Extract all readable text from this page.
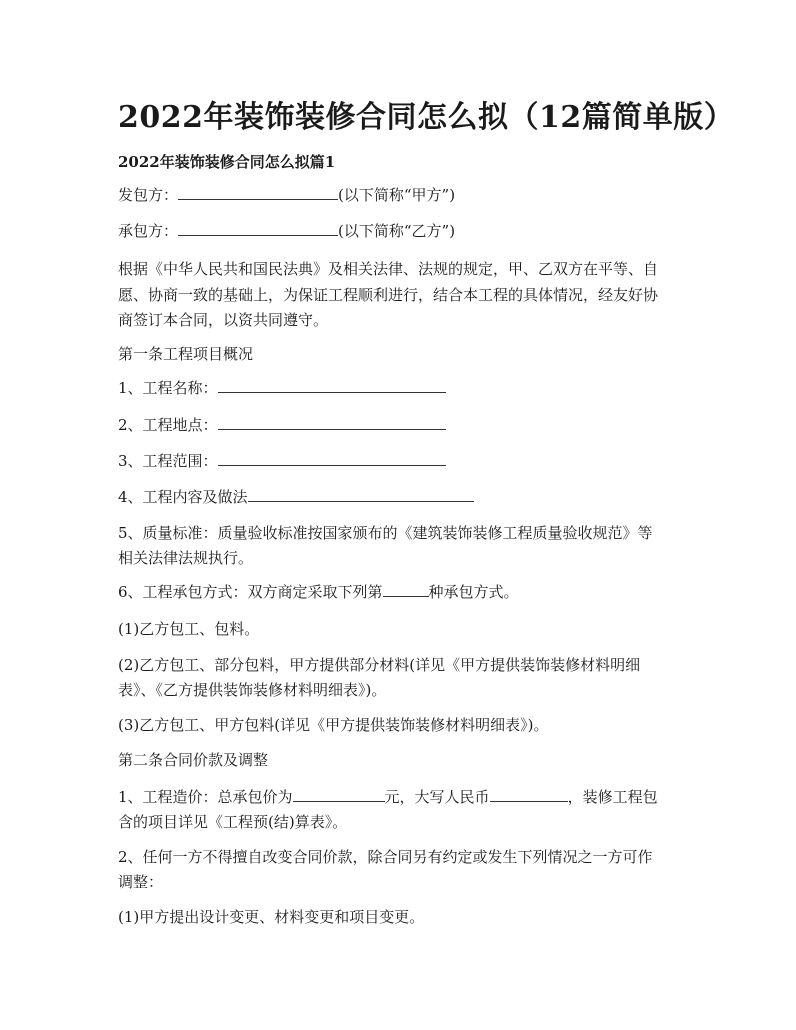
2022年装饰装修合同怎么拟（12篇简单版）
2022年装饰装修合同怎么拟篇1

发包方：	(以下简称“甲方”)

承包方：	(以下简称“乙方”)

根据《中华人民共和国民法典》及相关法律、法规的规定，甲、乙双方在平等、自

愿、协商一致的基础上，为保证工程顺利进行，结合本工程的具体情况，经友好协

商签订本合同，以资共同遵守。

第一条工程项目概况

1、工程名称：

2、工程地点：

3、工程范围：

4、工程内容及做法

5、质量标准：质量验收标准按国家颁布的《建筑装饰装修工程质量验收规范》等

相关法律法规执行。

6、工程承包方式：双方商定采取下列第	种承包方式。

(1)乙方包工、包料。

(2)乙方包工、部分包料，甲方提供部分材料(详见《甲方提供装饰装修材料明细

表》、《乙方提供装饰装修材料明细表》)。

(3)乙方包工、甲方包料(详见《甲方提供装饰装修材料明细表》)。

第二条合同价款及调整

1、工程造价：总承包价为	元，大写人民币	，装修工程包

含的项目详见《工程预(结)算表》。

2、任何一方不得擅自改变合同价款，除合同另有约定或发生下列情况之一方可作

调整：

(1)甲方提出设计变更、材料变更和项目变更。
